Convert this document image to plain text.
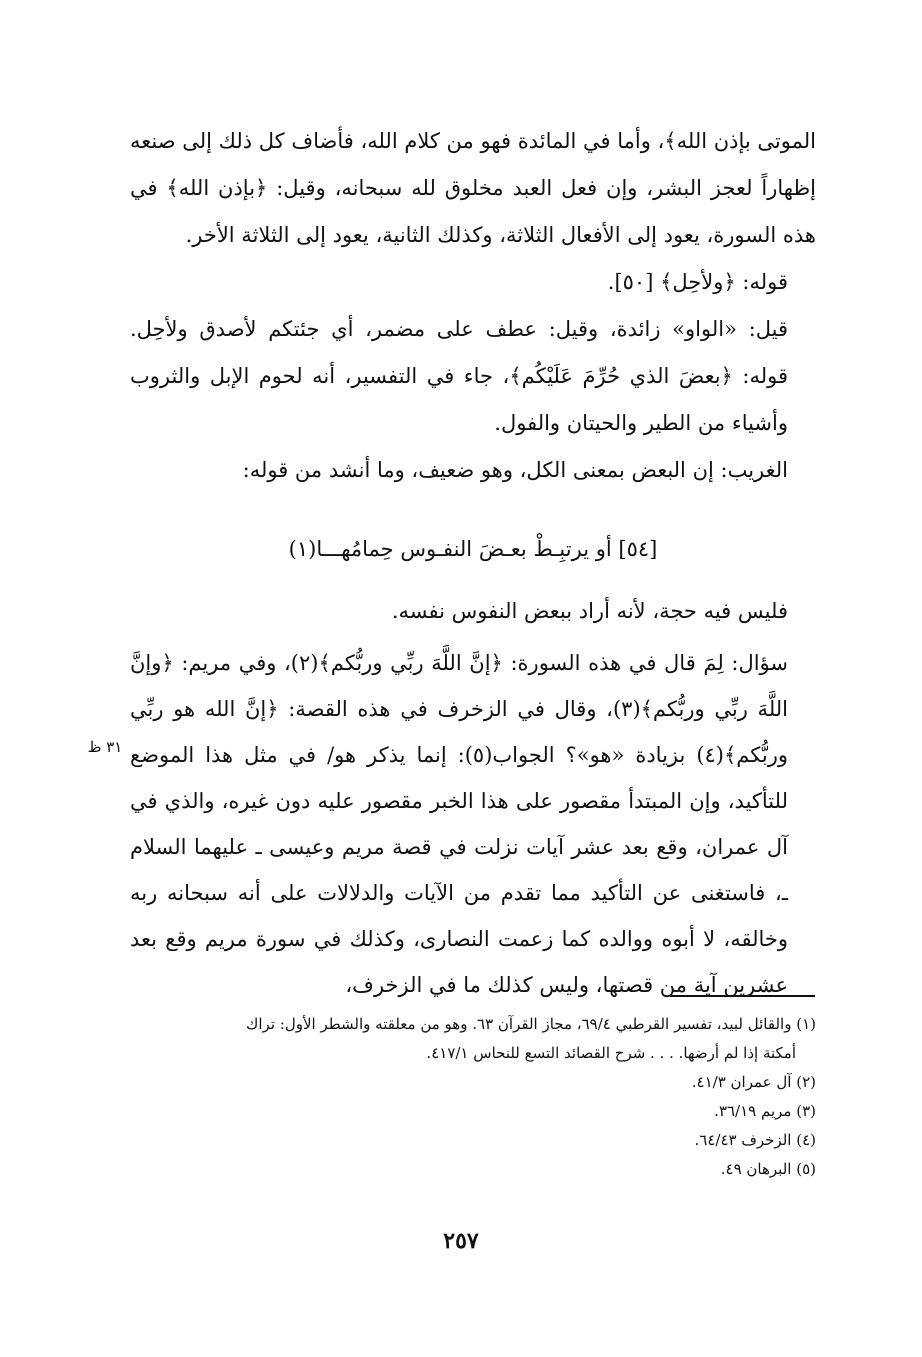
الموتى بإذن الله﴾، وأما في المائدة فهو من كلام الله، فأضاف كل ذلك إلى صنعه إظهاراً لعجز البشر، وإن فعل العبد مخلوق لله سبحانه، وقيل: ﴿بإذن الله﴾ في هذه السورة، يعود إلى الأفعال الثلاثة، وكذلك الثانية، يعود إلى الثلاثة الأخر.

قوله: ﴿ولأحِل﴾ [٥٠].

قيل: «الواو» زائدة، وقيل: عطف على مضمر، أي جئتكم لأصدق ولأحِل. قوله: ﴿بعضَ الذي حُرِّمَ عَلَيْكُم﴾، جاء في التفسير، أنه لحوم الإبل والثروب وأشياء من الطير والحيتان والفول.

الغريب: إن البعض بمعنى الكل، وهو ضعيف، وما أنشد من قوله:

[٥٤] أو يرتبِـطْ بعـضَ النفـوس حِمامُهـــا(١)

فليس فيه حجة، لأنه أراد ببعض النفوس نفسه.

سؤال: لِمَ قال في هذه السورة: ﴿إنَّ اللَّهَ ربِّي وربُّكم﴾(٢)، وفي مريم: ﴿وإنَّ اللَّهَ ربِّي وربُّكم﴾(٣)، وقال في الزخرف في هذه القصة: ﴿إنَّ الله هو ربِّي وربُّكم﴾(٤) بزيادة «هو»؟ الجواب(٥): إنما يذكر هو/ في مثل هذا الموضع للتأكيد، وإن المبتدأ مقصور على هذا الخبر مقصور عليه دون غيره، والذي في آل عمران، وقع بعد عشر آيات نزلت في قصة مريم وعيسى ـ عليهما السلام ـ، فاستغنى عن التأكيد مما تقدم من الآيات والدلالات على أنه سبحانه ربه وخالقه، لا أبوه ووالده كما زعمت النصارى، وكذلك في سورة مريم وقع بعد عشرين آية من قصتها، وليس كذلك ما في الزخرف،

٣١ ظ
(١) والقائل لبيد، تفسير القرطبي ٦٩/٤، مجاز القرآن ٦٣. وهو من معلقته والشطر الأول: تراك
أمكنة إذا لم أرضها. . . . شرح القصائد التسع للنحاس ٤١٧/١.
(٢) آل عمران ٤١/٣.
(٣) مريم ٣٦/١٩.
(٤) الزخرف ٦٤/٤٣.
(٥) البرهان ٤٩.
٢٥٧
